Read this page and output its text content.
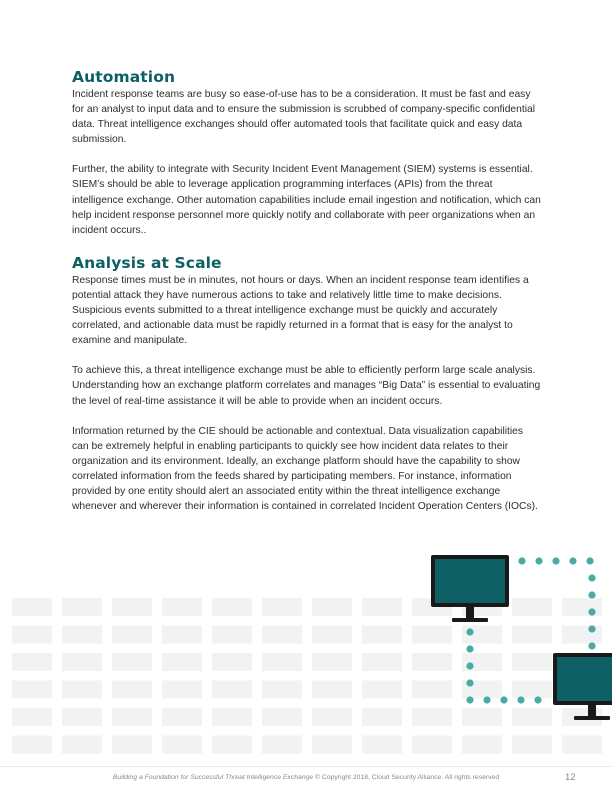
Automation

Incident response teams are busy so ease-of-use has to be a consideration. It must be fast and easy for an analyst to input data and to ensure the submission is scrubbed of company-specific confidential data. Threat intelligence exchanges should offer automated tools that facilitate quick and easy data submission.

Further, the ability to integrate with Security Incident Event Management (SIEM) systems is essential. SIEM’s should be able to leverage application programming interfaces (APIs) from the threat intelligence exchange. Other automation capabilities include email ingestion and notification, which can help incident response personnel more quickly notify and collaborate with peer organizations when an incident occurs..

Analysis at Scale

Response times must be in minutes, not hours or days. When an incident response team identifies a potential attack they have numerous actions to take and relatively little time to make decisions. Suspicious events submitted to a threat intelligence exchange must be quickly and accurately correlated, and actionable data must be rapidly returned in a format that is easy for the analyst to examine and manipulate.

To achieve this, a threat intelligence exchange must be able to efficiently perform large scale analysis. Understanding how an exchange platform correlates and manages “Big Data” is essential to evaluating the level of real-time assistance it will be able to provide when an incident occurs.

Information returned by the CIE should be actionable and contextual. Data visualization capabilities can be extremely helpful in enabling participants to quickly see how incident data relates to their organization and its environment. Ideally, an exchange platform should have the capability to show correlated information from the feeds shared by participating members. For instance, information provided by one entity should alert an associated entity within the threat intelligence exchange whenever and wherever their information is contained in correlated Incident Operation Centers (IOCs).

Building a Foundation for Successful Threat Intelligence Exchange © Copyright 2018, Cloud Security Alliance. All rights reserved	12
